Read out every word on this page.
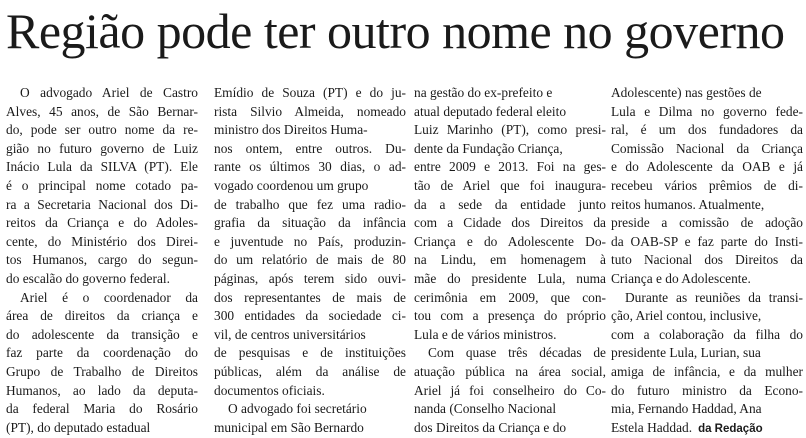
Região pode ter outro nome no governo

O advogado Ariel de Castro

Alves, 45 anos, de São Bernar-

do, pode ser outro nome da re-

gião no futuro governo de Luiz

Inácio Lula da SILVA (PT). Ele

é o principal nome cotado pa-

ra a Secretaria Nacional dos Di-

reitos da Criança e do Adoles-

cente, do Ministério dos Direi-

tos Humanos, cargo do segun-

do escalão do governo federal.

Ariel é o coordenador da

área de direitos da criança e

do adolescente da transição e

faz parte da coordenação do

Grupo de Trabalho de Direitos

Humanos, ao lado da deputa-

da federal Maria do Rosário

(PT), do deputado estadual

Emídio de Souza (PT) e do ju-

rista Silvio Almeida, nomeado

ministro dos Direitos Huma-

nos ontem, entre outros. Du-

rante os últimos 30 dias, o ad-

vogado coordenou um grupo

de trabalho que fez uma radio-

grafia da situação da infância

e juventude no País, produzin-

do um relatório de mais de 80

páginas, após terem sido ouvi-

dos representantes de mais de

300 entidades da sociedade ci-

vil, de centros universitários

de pesquisas e de instituições

públicas, além da análise de

documentos oficiais.

O advogado foi secretário

municipal em São Bernardo

na gestão do ex-prefeito e

atual deputado federal eleito

Luiz Marinho (PT), como presi-

dente da Fundação Criança,

entre 2009 e 2013. Foi na ges-

tão de Ariel que foi inaugura-

da a sede da entidade junto

com a Cidade dos Direitos da

Criança e do Adolescente Do-

na Lindu, em homenagem à

mãe do presidente Lula, numa

cerimônia em 2009, que con-

tou com a presença do próprio

Lula e de vários ministros.

Com quase três décadas de

atuação pública na área social,

Ariel já foi conselheiro do Co-

nanda (Conselho Nacional

dos Direitos da Criança e do

Adolescente) nas gestões de

Lula e Dilma no governo fede-

ral, é um dos fundadores da

Comissão Nacional da Criança

e do Adolescente da OAB e já

recebeu vários prêmios de di-

reitos humanos. Atualmente,

preside a comissão de adoção

da OAB-SP e faz parte do Insti-

tuto Nacional dos Direitos da

Criança e do Adolescente.

Durante as reuniões da transi-

ção, Ariel contou, inclusive,

com a colaboração da filha do

presidente Lula, Lurian, sua

amiga de infância, e da mulher

do futuro ministro da Econo-

mia, Fernando Haddad, Ana

Estela Haddad. da Redação
